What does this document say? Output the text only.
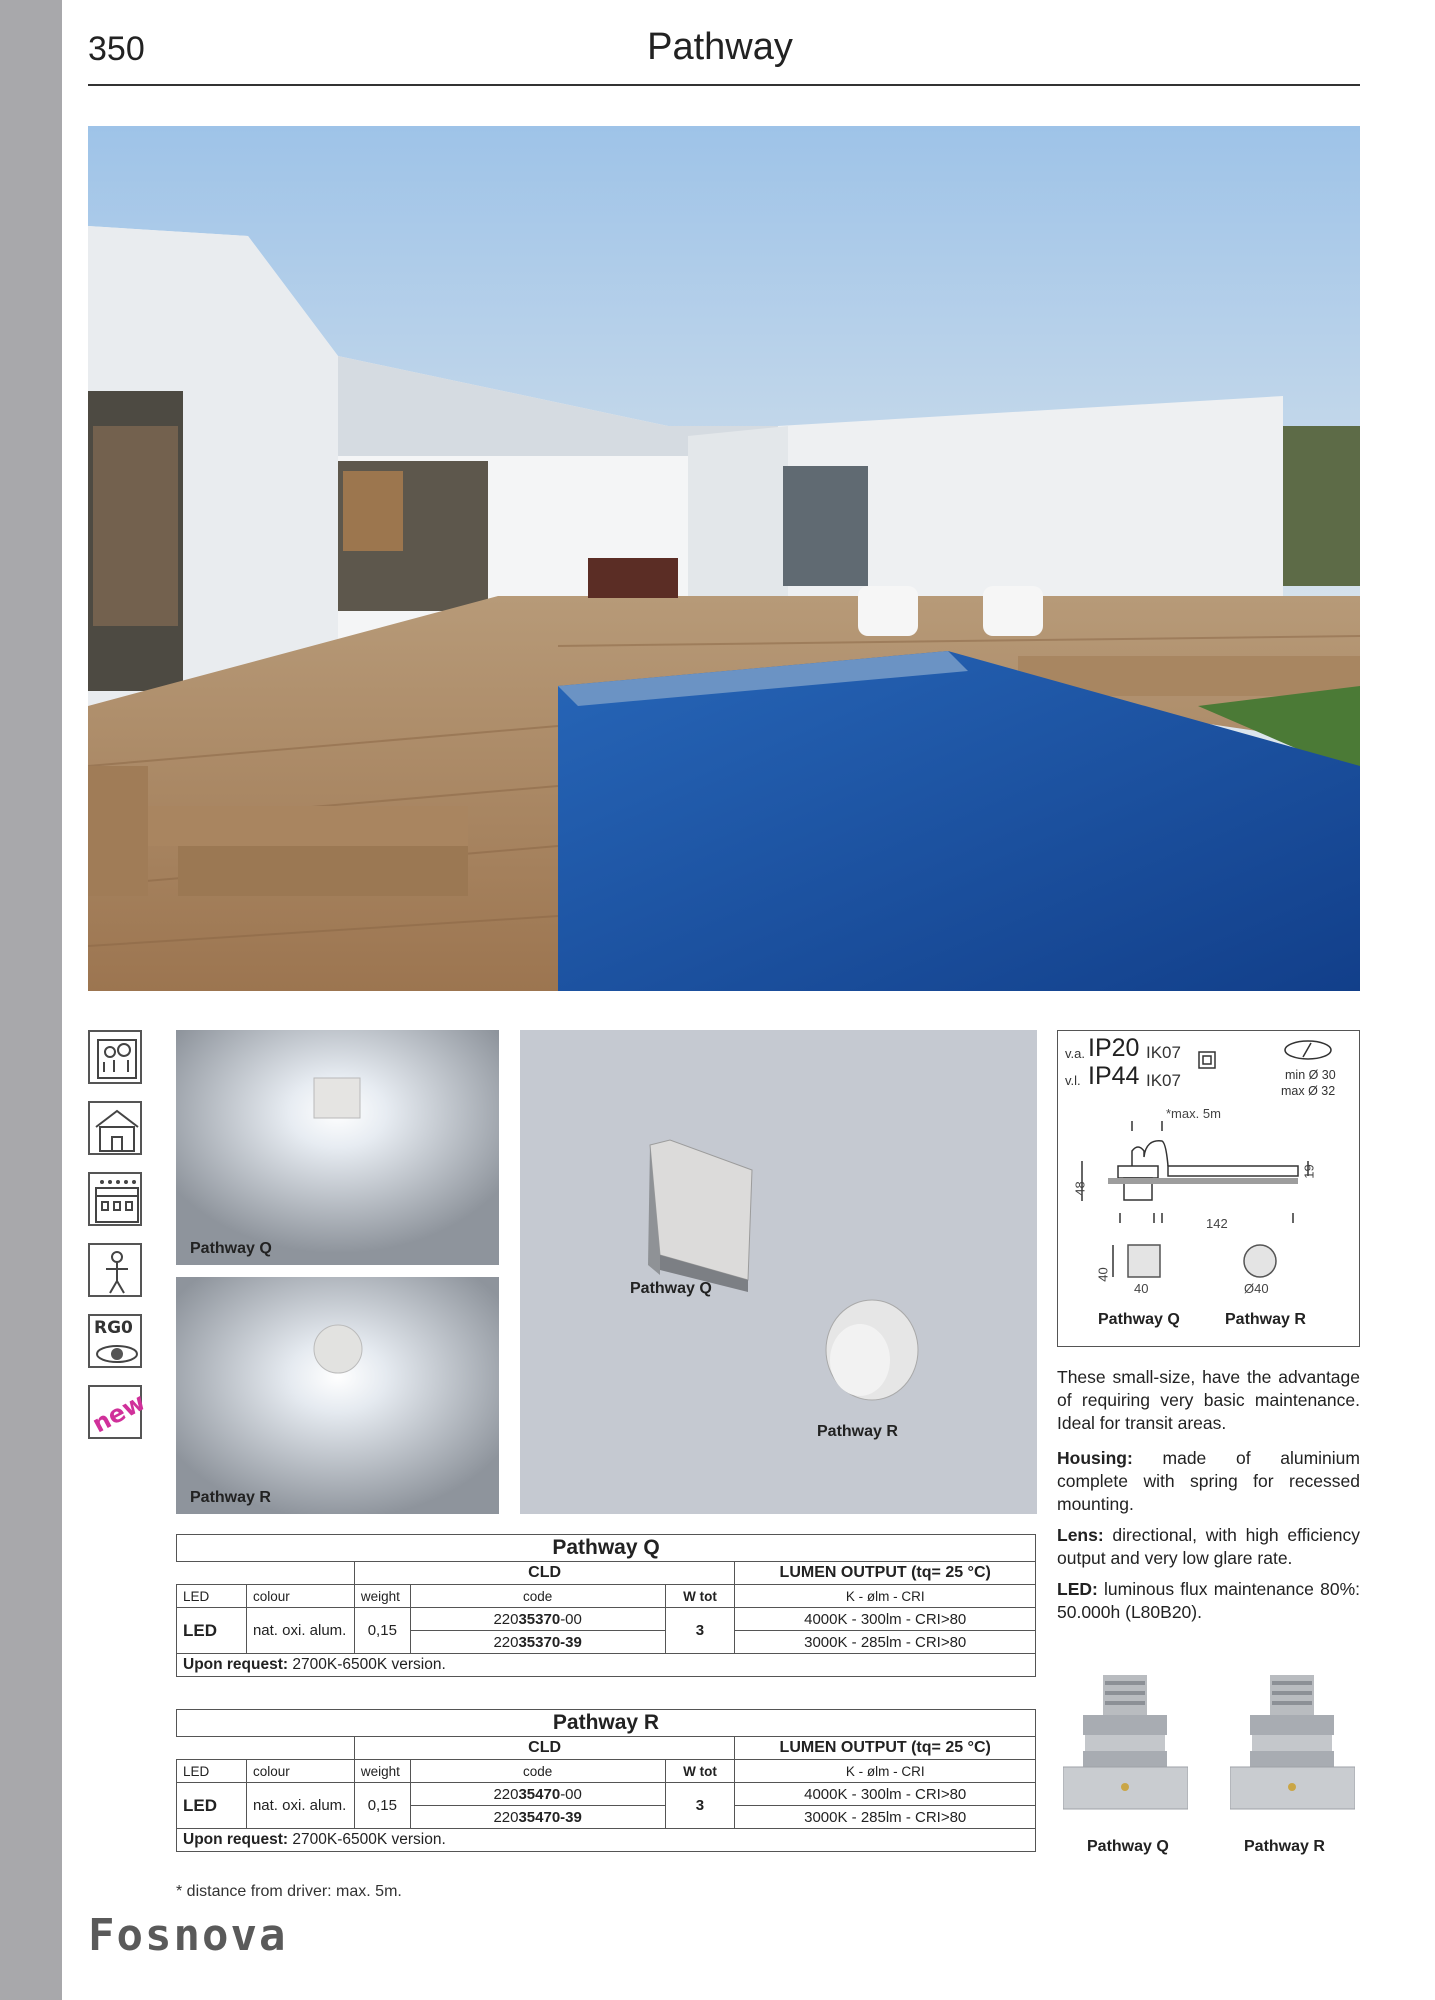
350	Pathway
RG0
new
Pathway Q
Pathway R
Pathway Q
Pathway R
v.a. IP20 IK07
v.l. IP44 IK07	min Ø 30
max Ø 32
*max. 5m
48
19
142
40
40	Ø40
Pathway Q	Pathway R
These small-size, have the advantage of requiring very basic maintenance. Ideal for transit areas.
Housing: made of aluminium complete with spring for recessed mounting.
Lens: directional, with high efficiency output and very low glare rate.
LED: luminous flux maintenance 80%: 50.000h (L80B20).
Pathway Q					
		CLD			LUMEN OUTPUT (tq= 25 °C)
LED	colour	weight	code	W tot	K - ølm - CRI
LED	nat. oxi. alum.	0,15	22035370-00	3	4000K - 300lm - CRI>80
			22035370-39		3000K - 285lm - CRI>80
Upon request: 2700K-6500K version.					
Pathway R					
		CLD			LUMEN OUTPUT (tq= 25 °C)
LED	colour	weight	code	W tot	K - ølm - CRI
LED	nat. oxi. alum.	0,15	22035470-00	3	4000K - 300lm - CRI>80
			22035470-39		3000K - 285lm - CRI>80
Upon request: 2700K-6500K version.						Pathway Q	Pathway R
* distance from driver: max. 5m.
Fosnova
